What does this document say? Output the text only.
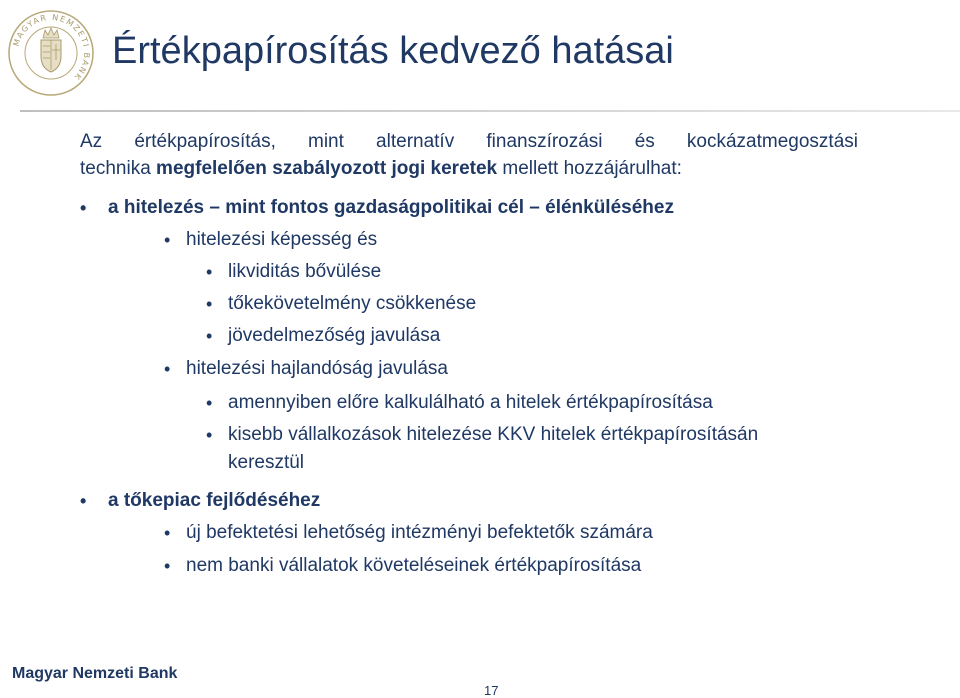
MAGYAR NEMZETI BANK
Értékpapírosítás kedvező hatásai
Az értékpapírosítás, mint alternatív finanszírozási és kockázatmegosztási
technika megfelelően szabályozott jogi keretek mellett hozzájárulhat:
• a hitelezés – mint fontos gazdaságpolitikai cél – élénküléséhez
• hitelezési képesség és
• likviditás bővülése
• tőkekövetelmény csökkenése
• jövedelmezőség javulása
• hitelezési hajlandóság javulása
• amennyiben előre kalkulálható a hitelek értékpapírosítása
• kisebb vállalkozások hitelezése KKV hitelek értékpapírosításán
keresztül
• a tőkepiac fejlődéséhez
• új befektetési lehetőség intézményi befektetők számára
• nem banki vállalatok követeléseinek értékpapírosítása
Magyar Nemzeti Bank
17
